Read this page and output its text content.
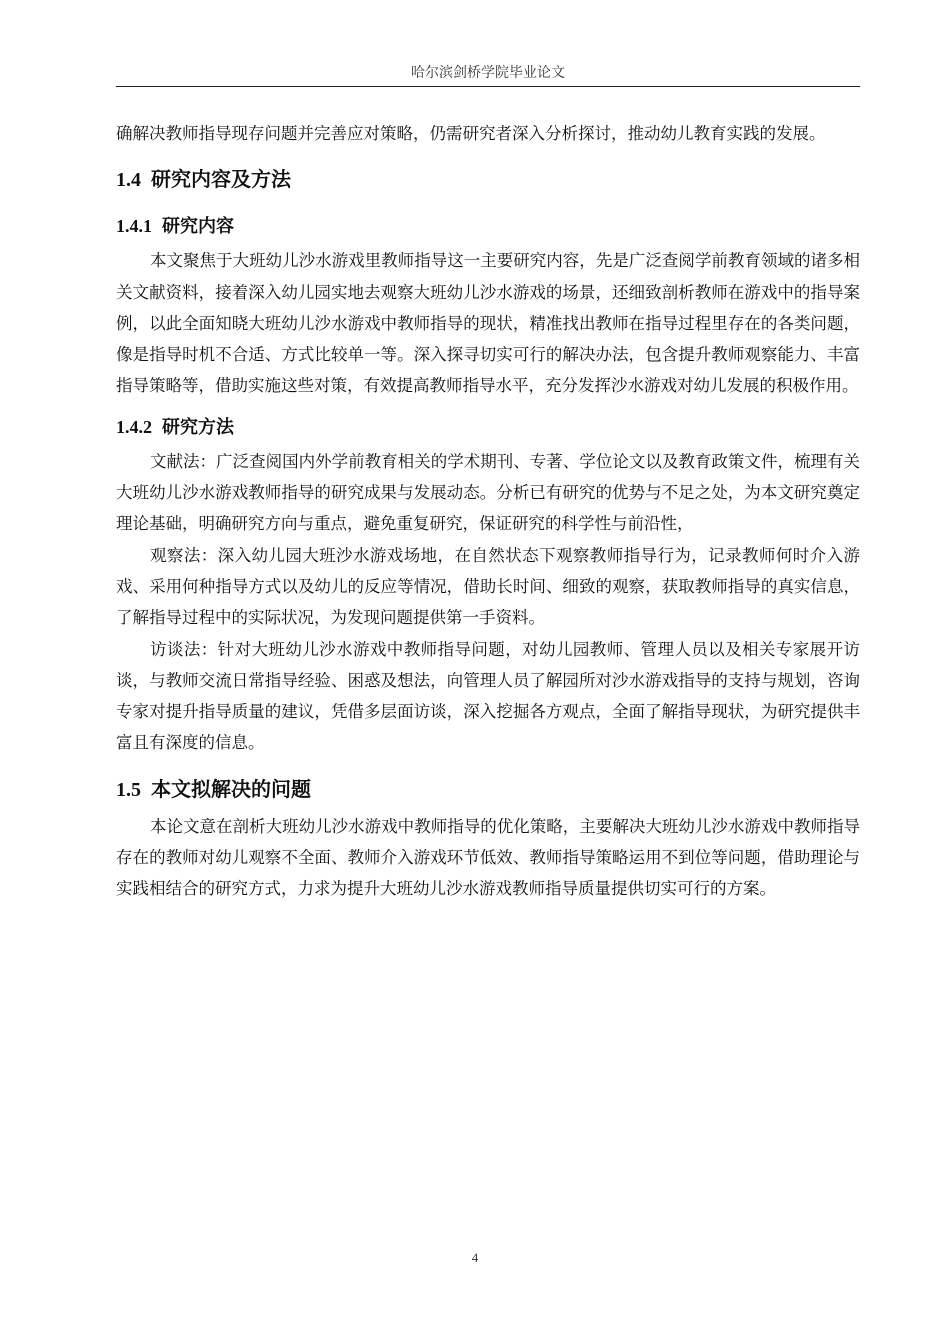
哈尔滨剑桥学院毕业论文

确解决教师指导现存问题并完善应对策略，仍需研究者深入分析探讨，推动幼儿教育实践的发展。

1.4 研究内容及方法
1.4.1 研究内容

本文聚焦于大班幼儿沙水游戏里教师指导这一主要研究内容，先是广泛查阅学前教育领域的诸多相关文献资料，接着深入幼儿园实地去观察大班幼儿沙水游戏的场景，还细致剖析教师在游戏中的指导案例，以此全面知晓大班幼儿沙水游戏中教师指导的现状，精准找出教师在指导过程里存在的各类问题，像是指导时机不合适、方式比较单一等。深入探寻切实可行的解决办法，包含提升教师观察能力、丰富指导策略等，借助实施这些对策，有效提高教师指导水平，充分发挥沙水游戏对幼儿发展的积极作用。

1.4.2 研究方法

文献法：广泛查阅国内外学前教育相关的学术期刊、专著、学位论文以及教育政策文件，梳理有关大班幼儿沙水游戏教师指导的研究成果与发展动态。分析已有研究的优势与不足之处，为本文研究奠定理论基础，明确研究方向与重点，避免重复研究，保证研究的科学性与前沿性，

观察法：深入幼儿园大班沙水游戏场地，在自然状态下观察教师指导行为，记录教师何时介入游戏、采用何种指导方式以及幼儿的反应等情况，借助长时间、细致的观察，获取教师指导的真实信息，了解指导过程中的实际状况，为发现问题提供第一手资料。

访谈法：针对大班幼儿沙水游戏中教师指导问题，对幼儿园教师、管理人员以及相关专家展开访谈，与教师交流日常指导经验、困惑及想法，向管理人员了解园所对沙水游戏指导的支持与规划，咨询专家对提升指导质量的建议，凭借多层面访谈，深入挖掘各方观点，全面了解指导现状，为研究提供丰富且有深度的信息。

1.5 本文拟解决的问题

本论文意在剖析大班幼儿沙水游戏中教师指导的优化策略，主要解决大班幼儿沙水游戏中教师指导存在的教师对幼儿观察不全面、教师介入游戏环节低效、教师指导策略运用不到位等问题，借助理论与实践相结合的研究方式，力求为提升大班幼儿沙水游戏教师指导质量提供切实可行的方案。

4
